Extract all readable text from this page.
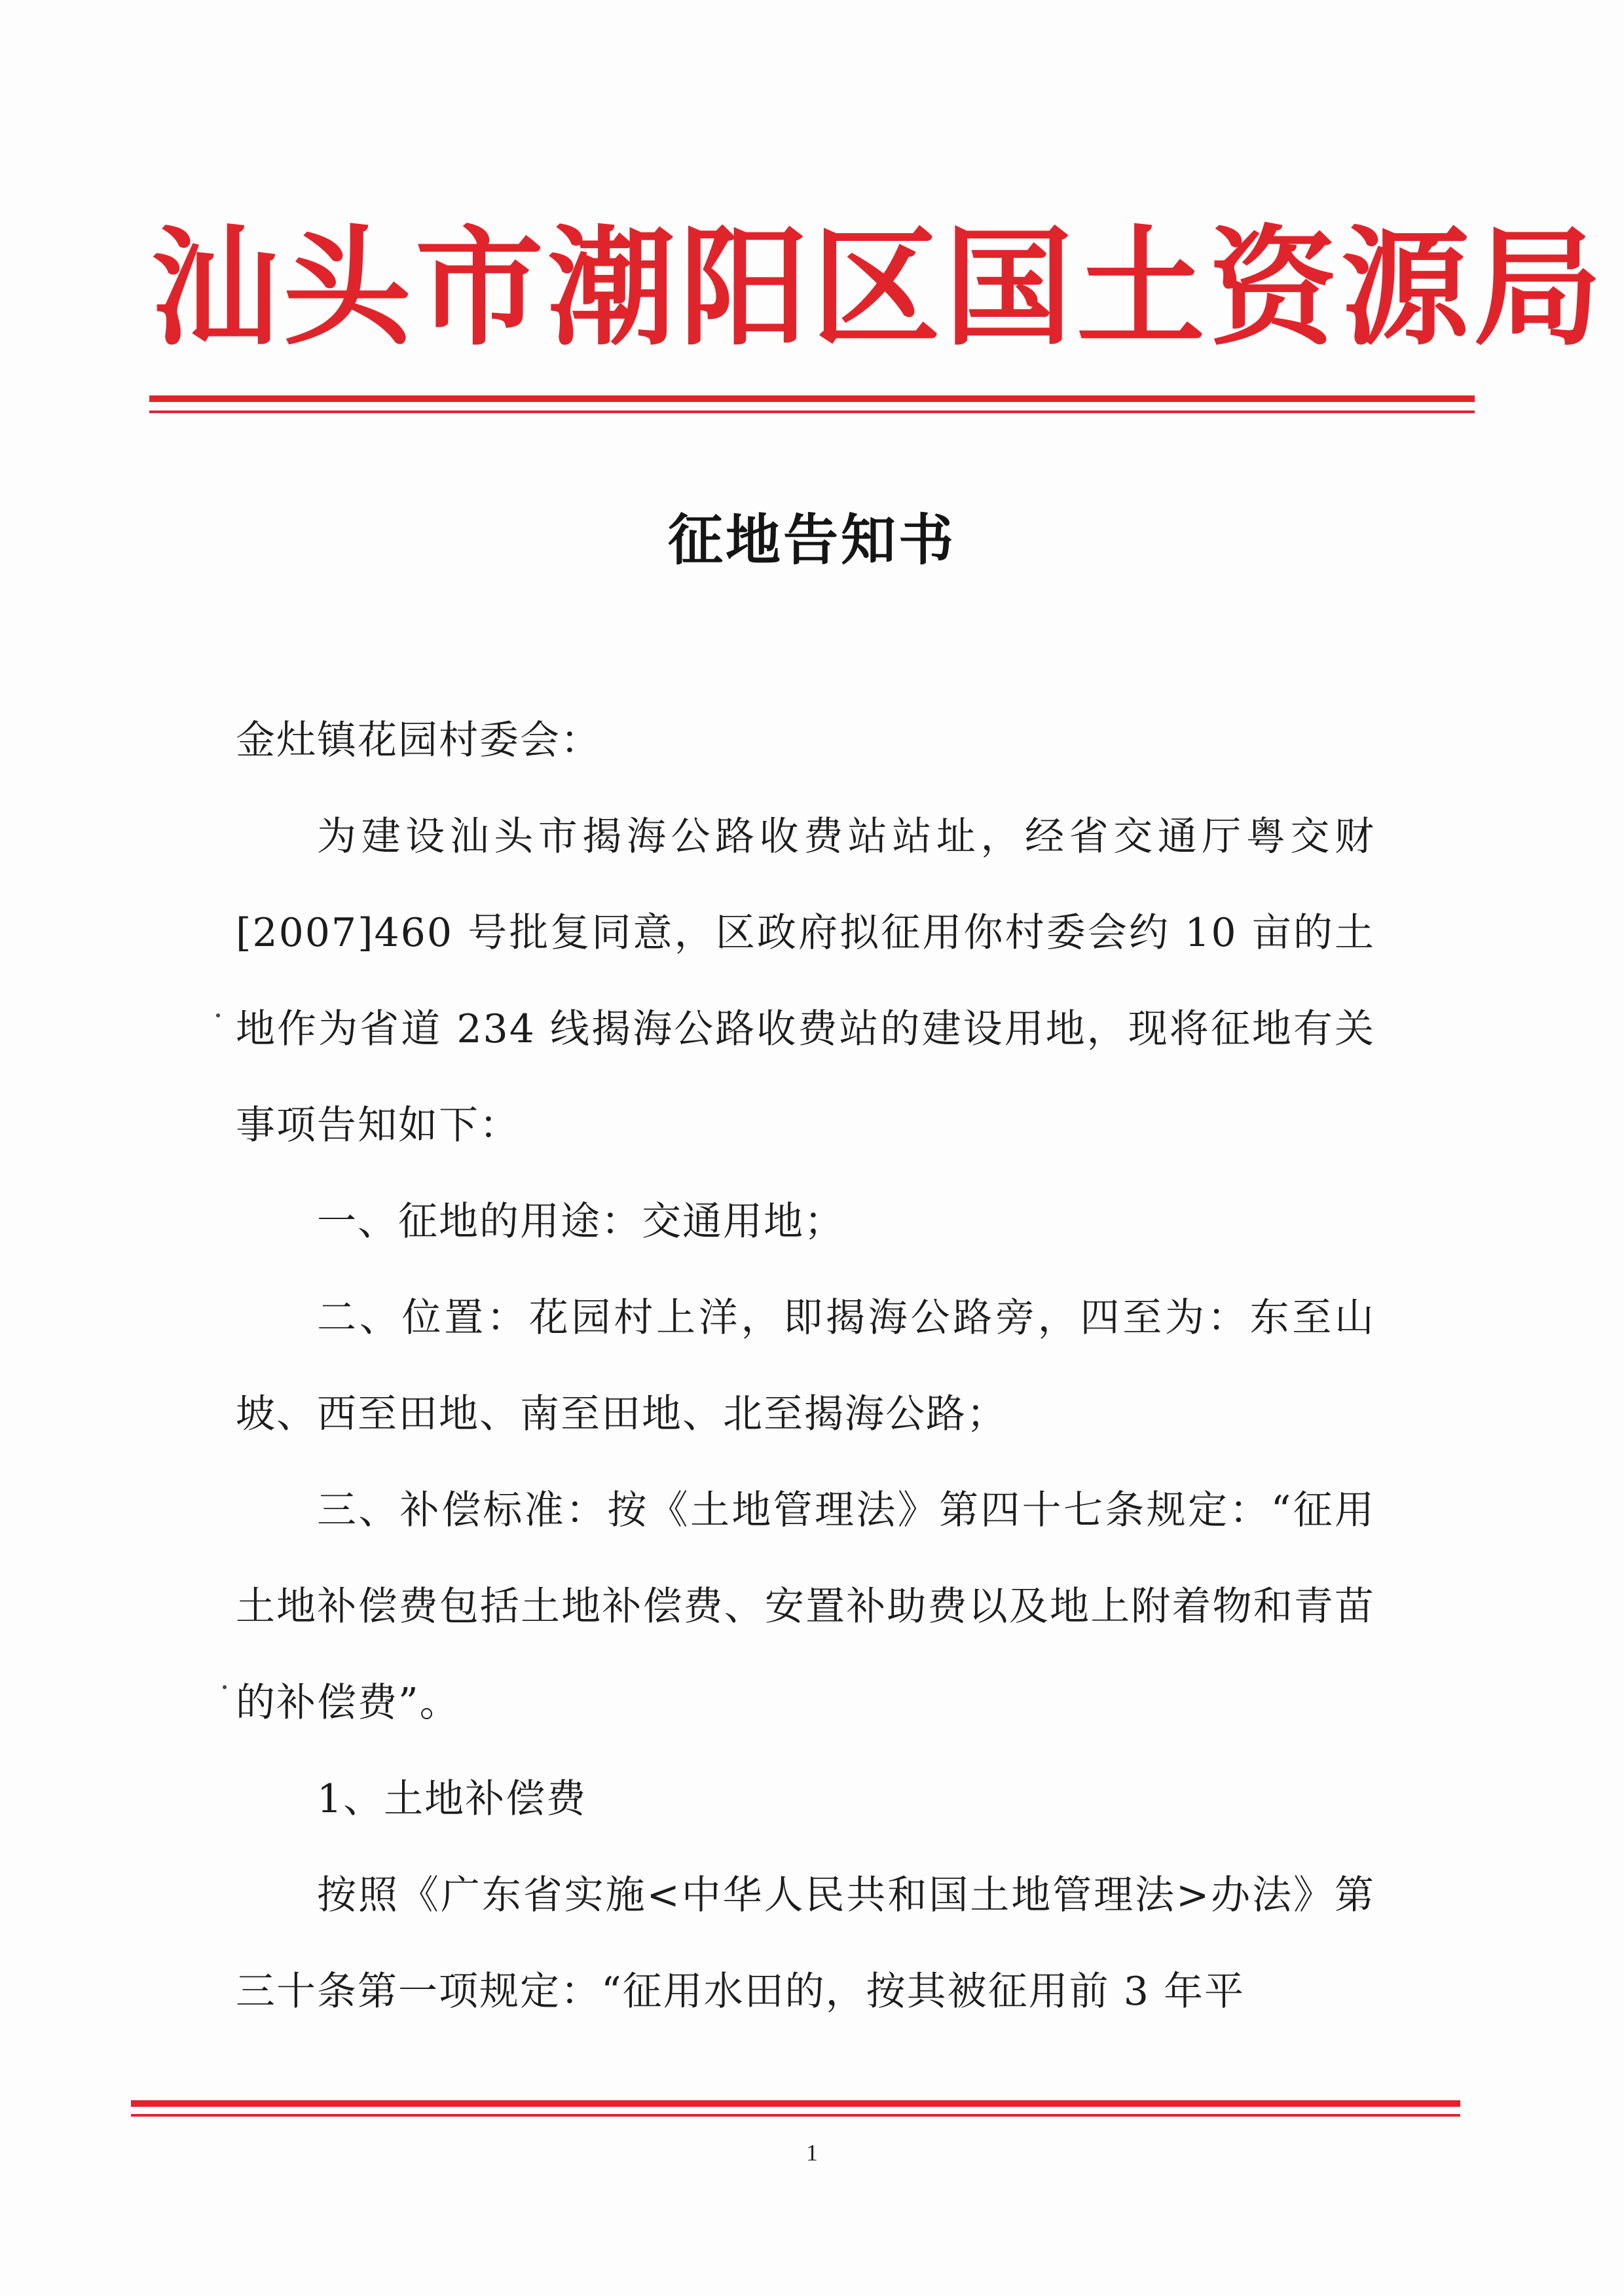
汕头市潮阳区国土资源局
征地告知书

金灶镇花园村委会：

为建设汕头市揭海公路收费站站址，经省交通厅粤交财[2007]460 号批复同意，区政府拟征用你村委会约 10 亩的土地作为省道 234 线揭海公路收费站的建设用地，现将征地有关事项告知如下：

一、征地的用途：交通用地；

二、位置：花园村上洋，即揭海公路旁，四至为：东至山坡、西至田地、南至田地、北至揭海公路；

三、补偿标准：按《土地管理法》第四十七条规定：“征用土地补偿费包括土地补偿费、安置补助费以及地上附着物和青苗的补偿费”。

1、土地补偿费

按照《广东省实施<中华人民共和国土地管理法>办法》第三十条第一项规定：“征用水田的，按其被征用前 3 年平

1
